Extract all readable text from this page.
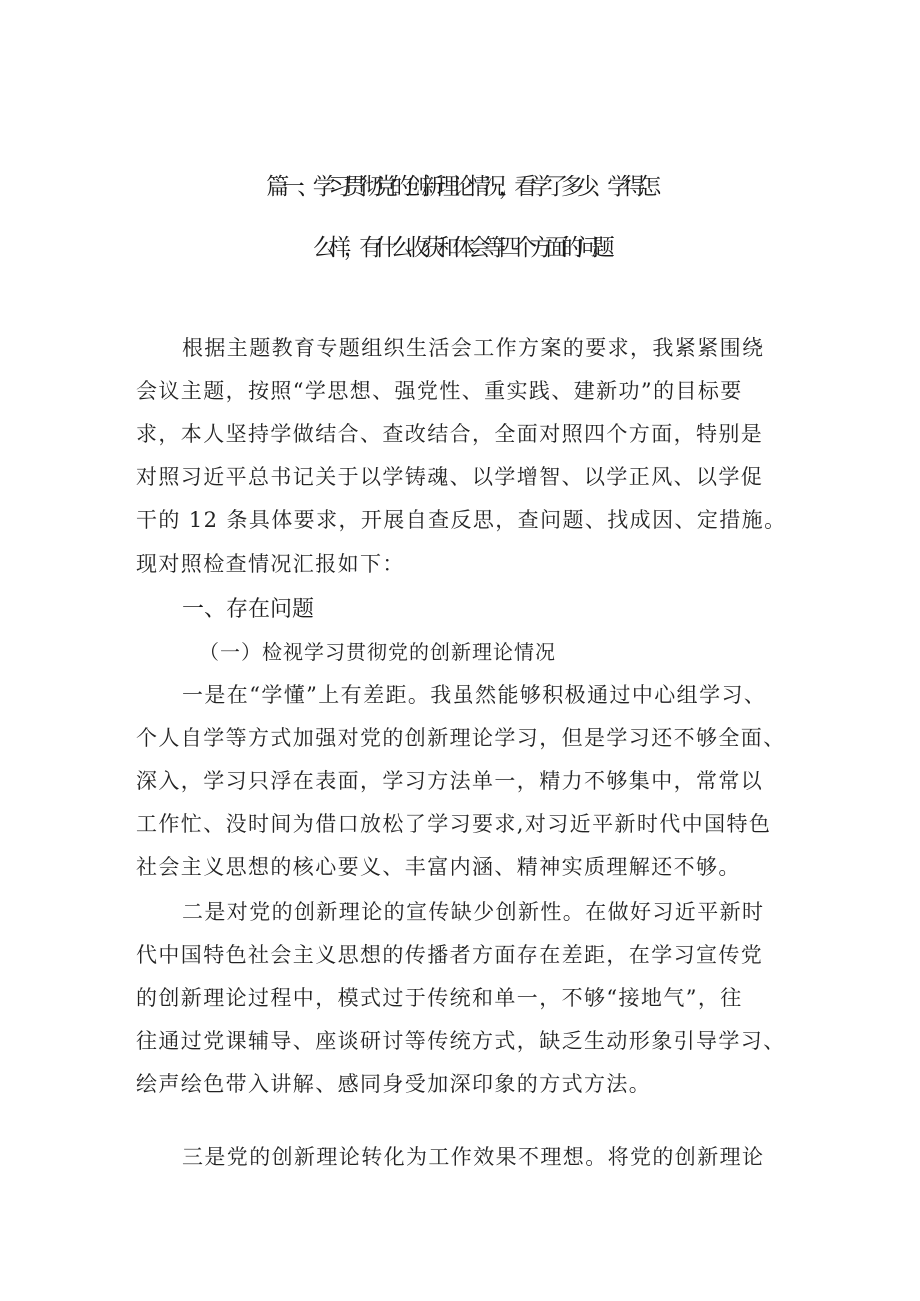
篇一、学习贯彻党的创新理论情况，看学了多少、学得怎
么样，有什么收获和体会等四个方面的问题
根据主题教育专题组织生活会工作方案的要求，我紧紧围绕
会议主题，按照“学思想、强党性、重实践、建新功”的目标要
求，本人坚持学做结合、查改结合，全面对照四个方面，特别是
对照习近平总书记关于以学铸魂、以学增智、以学正风、以学促
干的 12 条具体要求，开展自查反思，查问题、找成因、定措施。
现对照检查情况汇报如下：
一、存在问题
（一）检视学习贯彻党的创新理论情况
一是在“学懂”上有差距。我虽然能够积极通过中心组学习、
个人自学等方式加强对党的创新理论学习，但是学习还不够全面、
深入，学习只浮在表面，学习方法单一，精力不够集中，常常以
工作忙、没时间为借口放松了学习要求,对习近平新时代中国特色
社会主义思想的核心要义、丰富内涵、精神实质理解还不够。
二是对党的创新理论的宣传缺少创新性。在做好习近平新时
代中国特色社会主义思想的传播者方面存在差距，在学习宣传党
的创新理论过程中，模式过于传统和单一，不够“接地气”，往
往通过党课辅导、座谈研讨等传统方式，缺乏生动形象引导学习、
绘声绘色带入讲解、感同身受加深印象的方式方法。
三是党的创新理论转化为工作效果不理想。将党的创新理论
